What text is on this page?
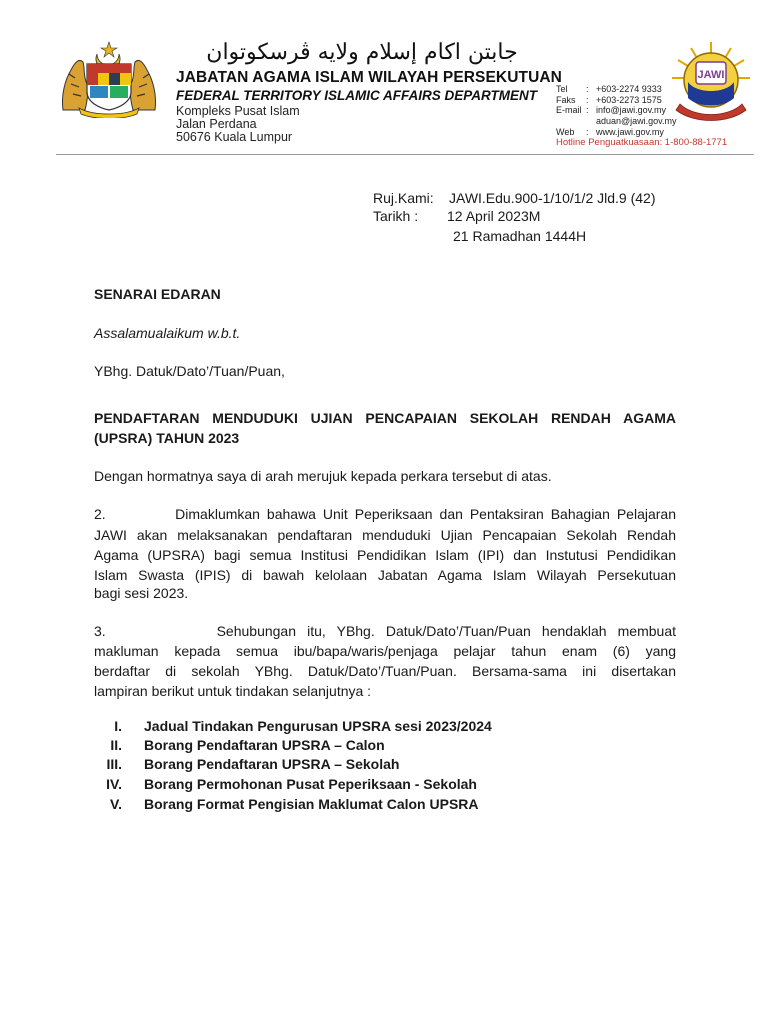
جابتن اکام إسلام ولايه ڤرسکوتوان
JABATAN AGAMA ISLAM WILAYAH PERSEKUTUAN
FEDERAL TERRITORY ISLAMIC AFFAIRS DEPARTMENT
Kompleks Pusat Islam
Jalan Perdana
50676 Kuala Lumpur
Tel	: +603-2274 9333
Faks	: +603-2273 1575
E-mail : info@jawi.gov.my
aduan@jawi.gov.my
Web	: www.jawi.gov.my
Hotline Penguatkuasaan: 1-800-88-1771
JAWI
Ruj.Kami: JAWI.Edu.900-1/10/1/2 Jld.9 (42)
Tarikh : 12 April 2023M
21 Ramadhan 1444H
SENARAI EDARAN
Assalamualaikum w.b.t.
YBhg. Datuk/Dato’/Tuan/Puan,
PENDAFTARAN MENDUDUKI UJIAN PENCAPAIAN SEKOLAH RENDAH AGAMA
(UPSRA) TAHUN 2023
Dengan hormatnya saya di arah merujuk kepada perkara tersebut di atas.
2.          Dimaklumkan bahawa Unit Peperiksaan dan Pentaksiran Bahagian Pelajaran
JAWI akan melaksanakan pendaftaran menduduki Ujian Pencapaian Sekolah Rendah
Agama (UPSRA) bagi semua Institusi Pendidikan Islam (IPI) dan Instutusi Pendidikan
Islam Swasta (IPIS) di bawah kelolaan Jabatan Agama Islam Wilayah Persekutuan
bagi sesi 2023.
3.          Sehubungan itu, YBhg. Datuk/Dato’/Tuan/Puan hendaklah membuat
makluman kepada semua ibu/bapa/waris/penjaga pelajar tahun enam (6) yang
berdaftar di sekolah YBhg. Datuk/Dato’/Tuan/Puan. Bersama-sama ini disertakan
lampiran berikut untuk tindakan selanjutnya :
I. Jadual Tindakan Pengurusan UPSRA sesi 2023/2024
II. Borang Pendaftaran UPSRA – Calon
III. Borang Pendaftaran UPSRA – Sekolah
IV. Borang Permohonan Pusat Peperiksaan - Sekolah
V. Borang Format Pengisian Maklumat Calon UPSRA
